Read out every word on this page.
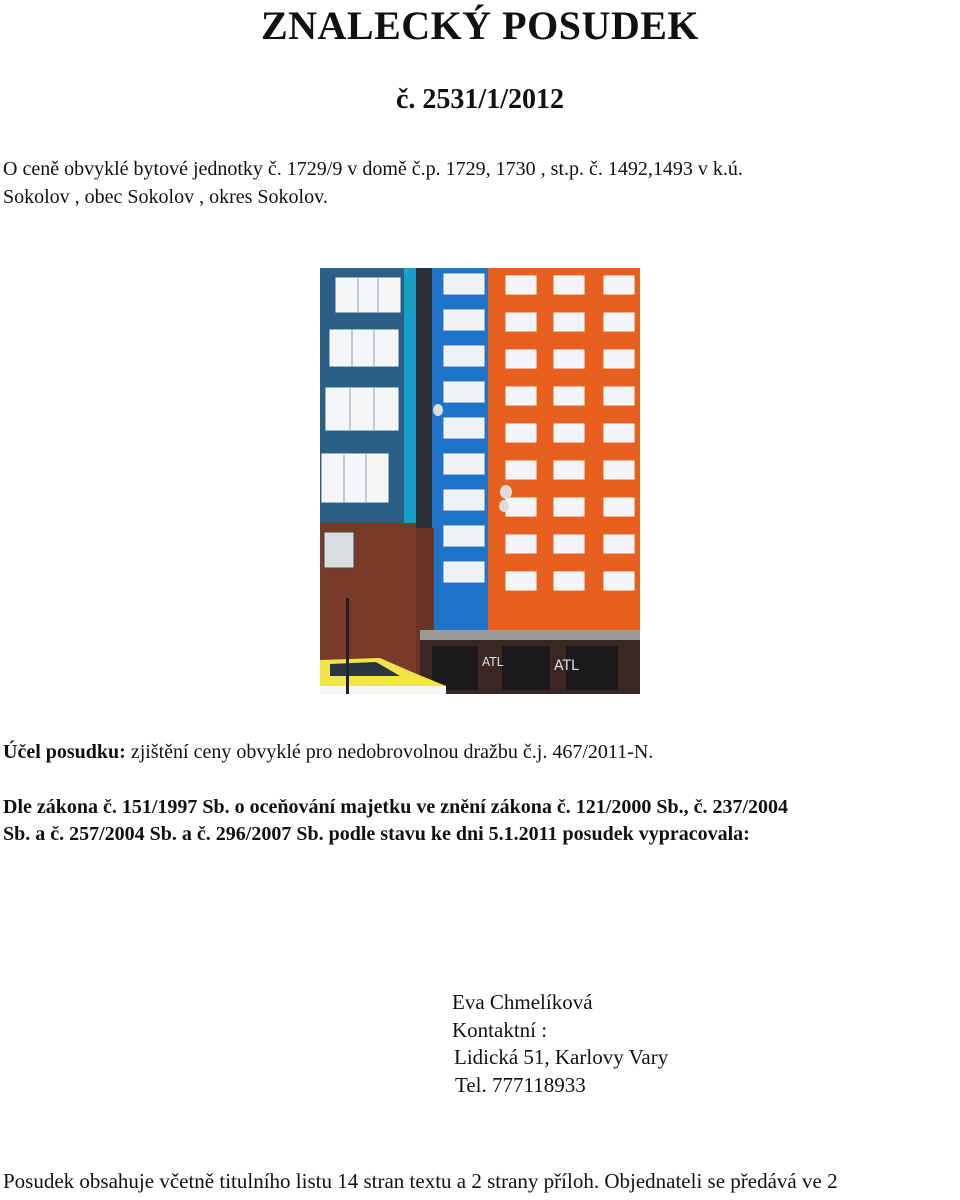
ZNALECKÝ POSUDEK
č. 2531/1/2012
O ceně obvyklé bytové jednotky č. 1729/9 v domě č.p. 1729, 1730 , st.p. č. 1492,1493 v k.ú.
Sokolov , obec Sokolov , okres Sokolov.
ATL	ATL
Účel posudku: zjištění ceny obvyklé pro nedobrovolnou dražbu č.j. 467/2011-N.
Dle zákona č. 151/1997 Sb. o oceňování majetku ve znění zákona č. 121/2000 Sb., č. 237/2004
Sb. a č. 257/2004 Sb. a č. 296/2007 Sb. podle stavu ke dni 5.1.2011 posudek vypracovala:
Eva Chmelíková
Kontaktní :
Lidická 51, Karlovy Vary
Tel. 777118933
Posudek obsahuje včetně titulního listu 14 stran textu a 2 strany příloh. Objednateli se předává ve 2
